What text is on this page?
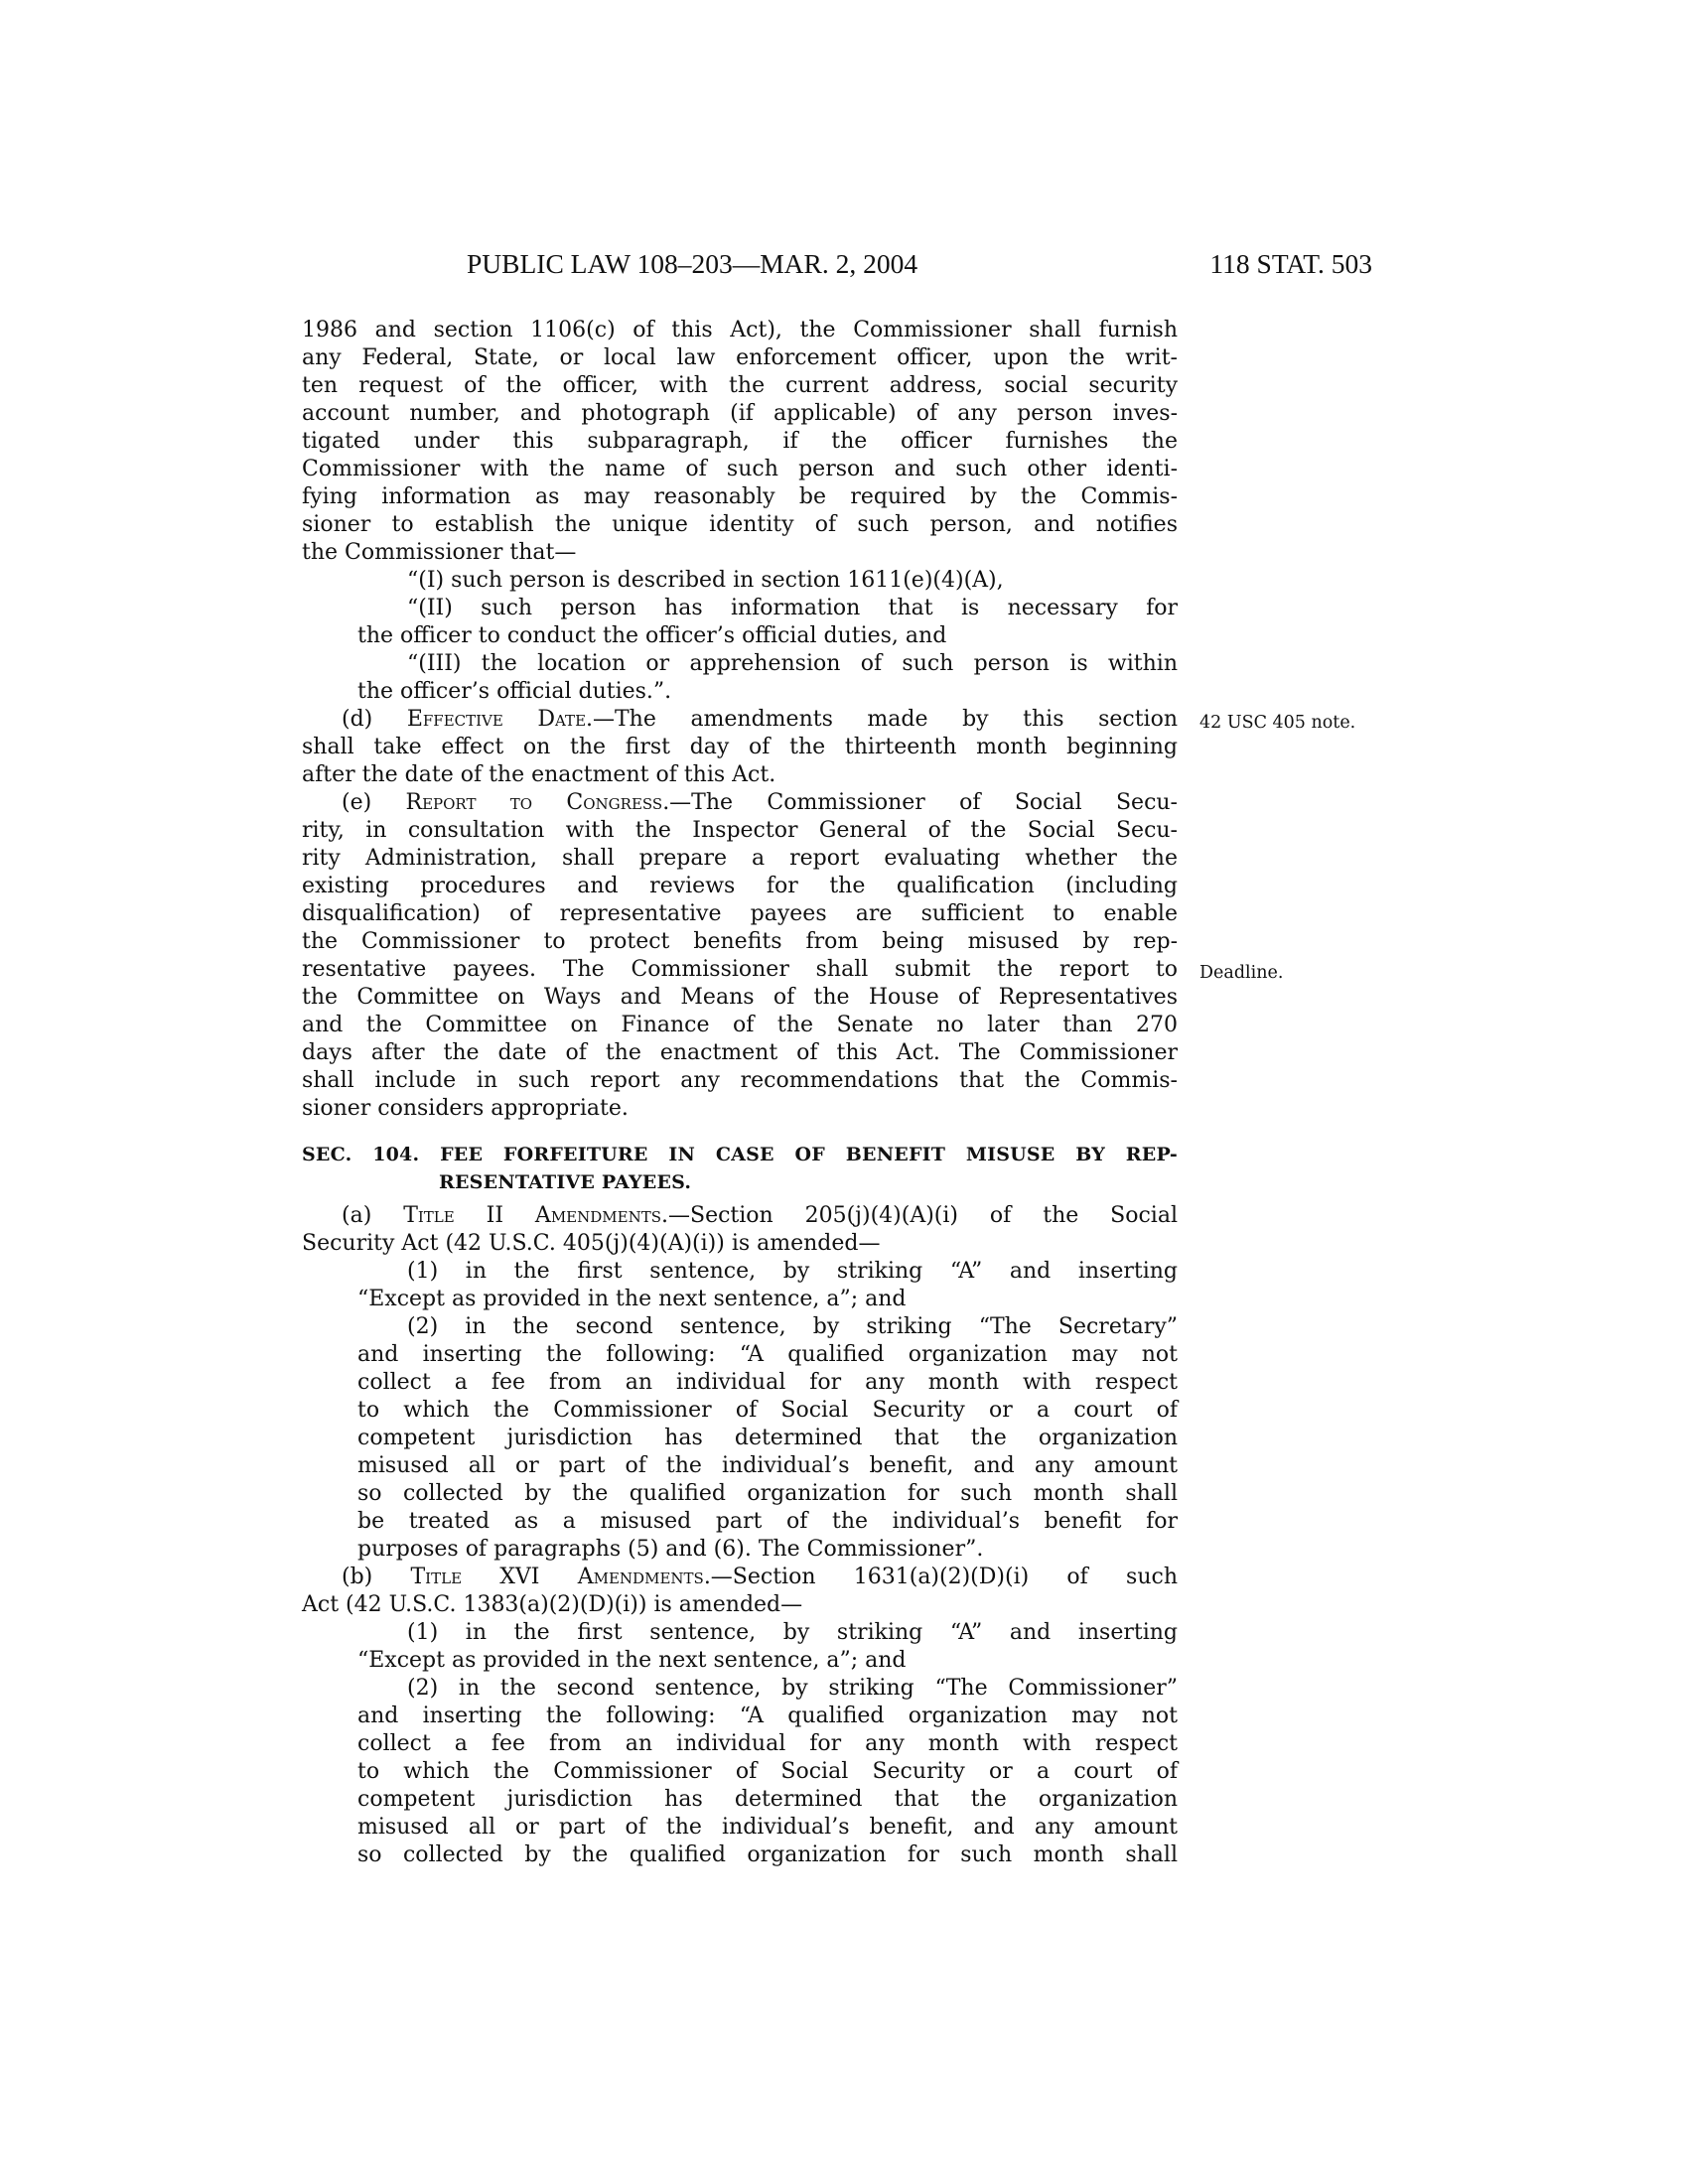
PUBLIC LAW 108–203—MAR. 2, 2004	118 STAT. 503
42 USC 405 note.
Deadline.
1986 and section 1106(c) of this Act), the Commissioner shall furnish
any Federal, State, or local law enforcement officer, upon the writ-
ten request of the officer, with the current address, social security
account number, and photograph (if applicable) of any person inves-
tigated under this subparagraph, if the officer furnishes the
Commissioner with the name of such person and such other identi-
fying information as may reasonably be required by the Commis-
sioner to establish the unique identity of such person, and notifies
the Commissioner that—
“(I) such person is described in section 1611(e)(4)(A),
“(II) such person has information that is necessary for
the officer to conduct the officer’s official duties, and
“(III) the location or apprehension of such person is within
the officer’s official duties.”.
(d) Effective Date.—The amendments made by this section
shall take effect on the first day of the thirteenth month beginning
after the date of the enactment of this Act.
(e) Report to Congress.—The Commissioner of Social Secu-
rity, in consultation with the Inspector General of the Social Secu-
rity Administration, shall prepare a report evaluating whether the
existing procedures and reviews for the qualification (including
disqualification) of representative payees are sufficient to enable
the Commissioner to protect benefits from being misused by rep-
resentative payees. The Commissioner shall submit the report to
the Committee on Ways and Means of the House of Representatives
and the Committee on Finance of the Senate no later than 270
days after the date of the enactment of this Act. The Commissioner
shall include in such report any recommendations that the Commis-
sioner considers appropriate.
SEC. 104. FEE FORFEITURE IN CASE OF BENEFIT MISUSE BY REP-
RESENTATIVE PAYEES.
(a) Title II Amendments.—Section 205(j)(4)(A)(i) of the Social
Security Act (42 U.S.C. 405(j)(4)(A)(i)) is amended—
(1) in the first sentence, by striking “A” and inserting
“Except as provided in the next sentence, a”; and
(2) in the second sentence, by striking “The Secretary”
and inserting the following: “A qualified organization may not
collect a fee from an individual for any month with respect
to which the Commissioner of Social Security or a court of
competent jurisdiction has determined that the organization
misused all or part of the individual’s benefit, and any amount
so collected by the qualified organization for such month shall
be treated as a misused part of the individual’s benefit for
purposes of paragraphs (5) and (6). The Commissioner”.
(b) Title XVI Amendments.—Section 1631(a)(2)(D)(i) of such
Act (42 U.S.C. 1383(a)(2)(D)(i)) is amended—
(1) in the first sentence, by striking “A” and inserting
“Except as provided in the next sentence, a”; and
(2) in the second sentence, by striking “The Commissioner”
and inserting the following: “A qualified organization may not
collect a fee from an individual for any month with respect
to which the Commissioner of Social Security or a court of
competent jurisdiction has determined that the organization
misused all or part of the individual’s benefit, and any amount
so collected by the qualified organization for such month shall
